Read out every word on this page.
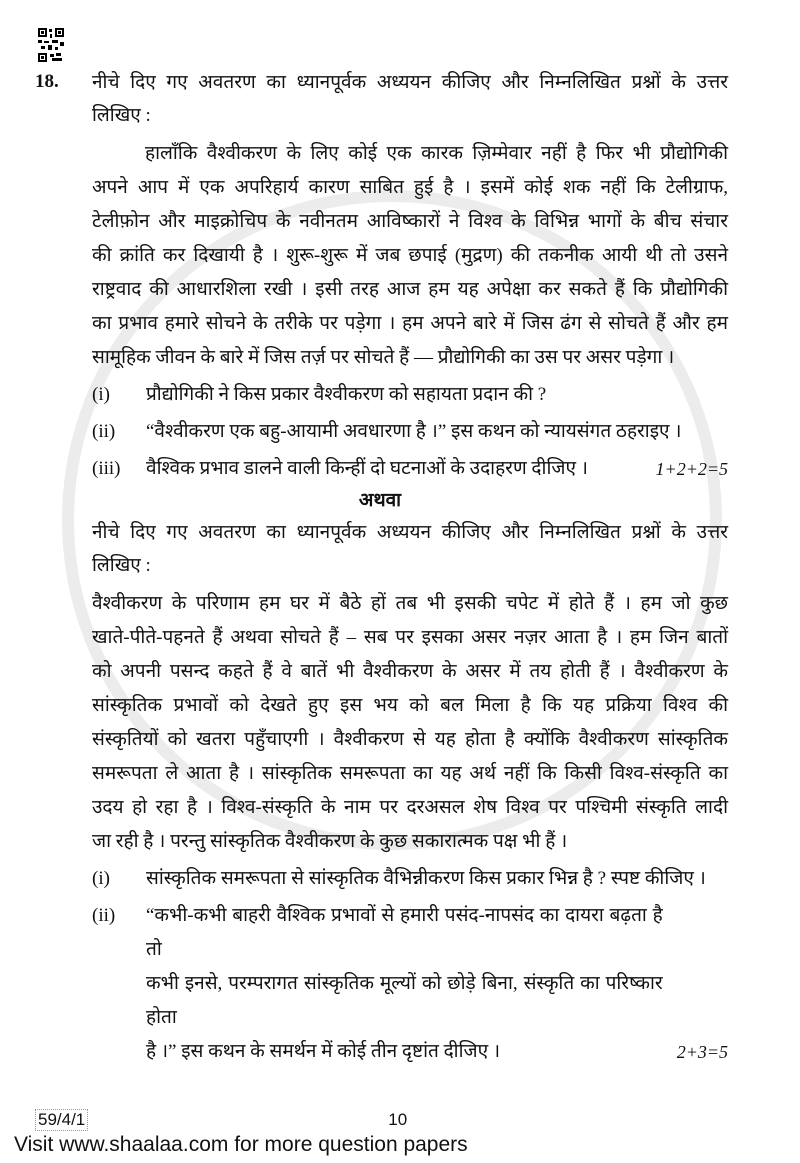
18.	नीचे दिए गए अवतरण का ध्यानपूर्वक अध्ययन कीजिए और निम्नलिखित प्रश्नों के उत्तर
लिखिए :
हालाँकि वैश्वीकरण के लिए कोई एक कारक ज़िम्मेवार नहीं है फिर भी प्रौद्योगिकी
अपने आप में एक अपरिहार्य कारण साबित हुई है । इसमें कोई शक नहीं कि टेलीग्राफ,
टेलीफ़ोन और माइक्रोचिप के नवीनतम आविष्कारों ने विश्व के विभिन्न भागों के बीच संचार
की क्रांति कर दिखायी है । शुरू-शुरू में जब छपाई (मुद्रण) की तकनीक आयी थी तो उसने
राष्ट्रवाद की आधारशिला रखी । इसी तरह आज हम यह अपेक्षा कर सकते हैं कि प्रौद्योगिकी
का प्रभाव हमारे सोचने के तरीके पर पड़ेगा । हम अपने बारे में जिस ढंग से सोचते हैं और हम
सामूहिक जीवन के बारे में जिस तर्ज़ पर सोचते हैं — प्रौद्योगिकी का उस पर असर पड़ेगा ।
(i)	प्रौद्योगिकी ने किस प्रकार वैश्वीकरण को सहायता प्रदान की ?
(ii)	“वैश्वीकरण एक बहु-आयामी अवधारणा है ।” इस कथन को न्यायसंगत ठहराइए ।
(iii)	वैश्विक प्रभाव डालने वाली किन्हीं दो घटनाओं के उदाहरण दीजिए ।	1+2+2=5
अथवा
नीचे दिए गए अवतरण का ध्यानपूर्वक अध्ययन कीजिए और निम्नलिखित प्रश्नों के उत्तर
लिखिए :
वैश्वीकरण के परिणाम हम घर में बैठे हों तब भी इसकी चपेट में होते हैं । हम जो कुछ
खाते-पीते-पहनते हैं अथवा सोचते हैं – सब पर इसका असर नज़र आता है । हम जिन बातों
को अपनी पसन्द कहते हैं वे बातें भी वैश्वीकरण के असर में तय होती हैं । वैश्वीकरण के
सांस्कृतिक प्रभावों को देखते हुए इस भय को बल मिला है कि यह प्रक्रिया विश्व की
संस्कृतियों को खतरा पहुँचाएगी । वैश्वीकरण से यह होता है क्योंकि वैश्वीकरण सांस्कृतिक
समरूपता ले आता है । सांस्कृतिक समरूपता का यह अर्थ नहीं कि किसी विश्व-संस्कृति का
उदय हो रहा है । विश्व-संस्कृति के नाम पर दरअसल शेष विश्व पर पश्चिमी संस्कृति लादी
जा रही है । परन्तु सांस्कृतिक वैश्वीकरण के कुछ सकारात्मक पक्ष भी हैं ।
(i)	सांस्कृतिक समरूपता से सांस्कृतिक वैभिन्नीकरण किस प्रकार भिन्न है ? स्पष्ट कीजिए ।
(ii)	“कभी-कभी बाहरी वैश्विक प्रभावों से हमारी पसंद-नापसंद का दायरा बढ़ता है तो
कभी इनसे, परम्परागत सांस्कृतिक मूल्यों को छोड़े बिना, संस्कृति का परिष्कार होता
है ।” इस कथन के समर्थन में कोई तीन दृष्टांत दीजिए ।	2+3=5
59/4/1	10
Visit www.shaalaa.com for more question papers
